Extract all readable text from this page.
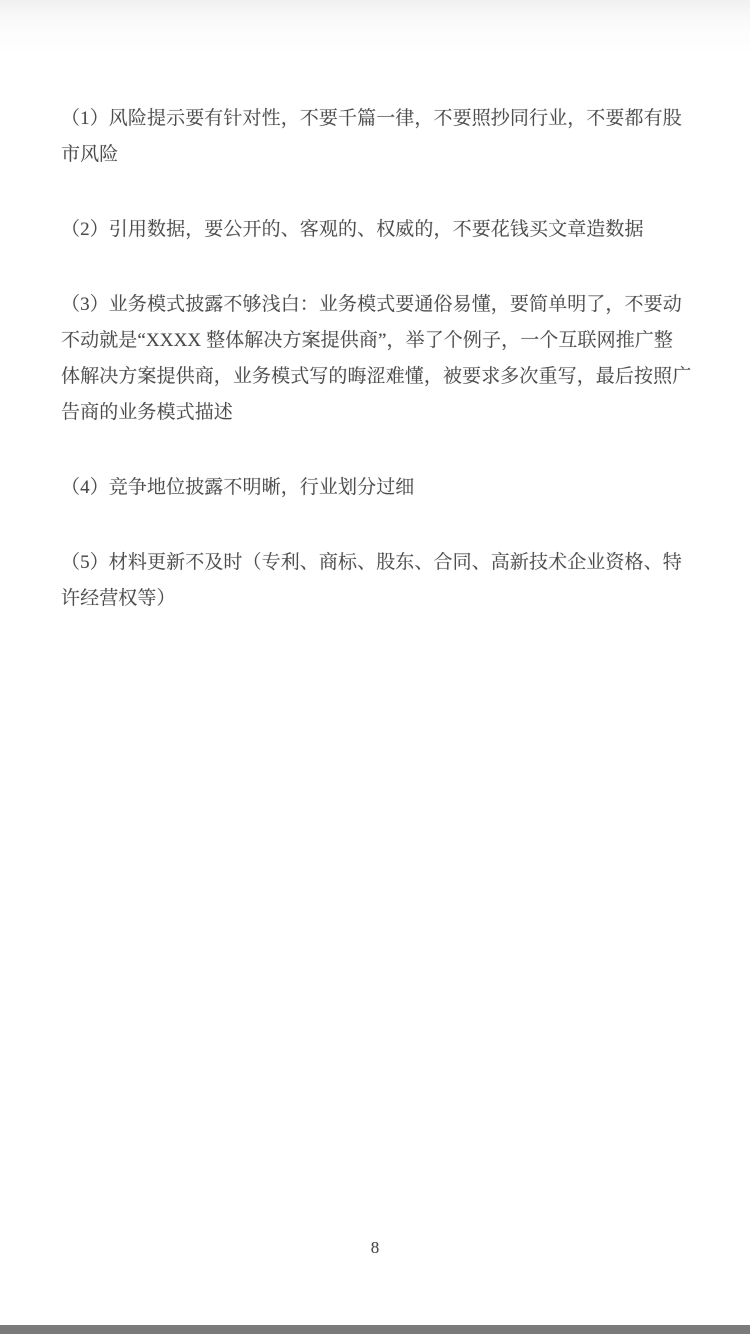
（1）风险提示要有针对性，不要千篇一律，不要照抄同行业，不要都有股
市风险
（2）引用数据，要公开的、客观的、权威的，不要花钱买文章造数据
（3）业务模式披露不够浅白：业务模式要通俗易懂，要简单明了，不要动
不动就是“XXXX 整体解决方案提供商”，举了个例子，一个互联网推广整
体解决方案提供商，业务模式写的晦涩难懂，被要求多次重写，最后按照广
告商的业务模式描述
（4）竞争地位披露不明晰，行业划分过细
（5）材料更新不及时（专利、商标、股东、合同、高新技术企业资格、特
许经营权等）
8
